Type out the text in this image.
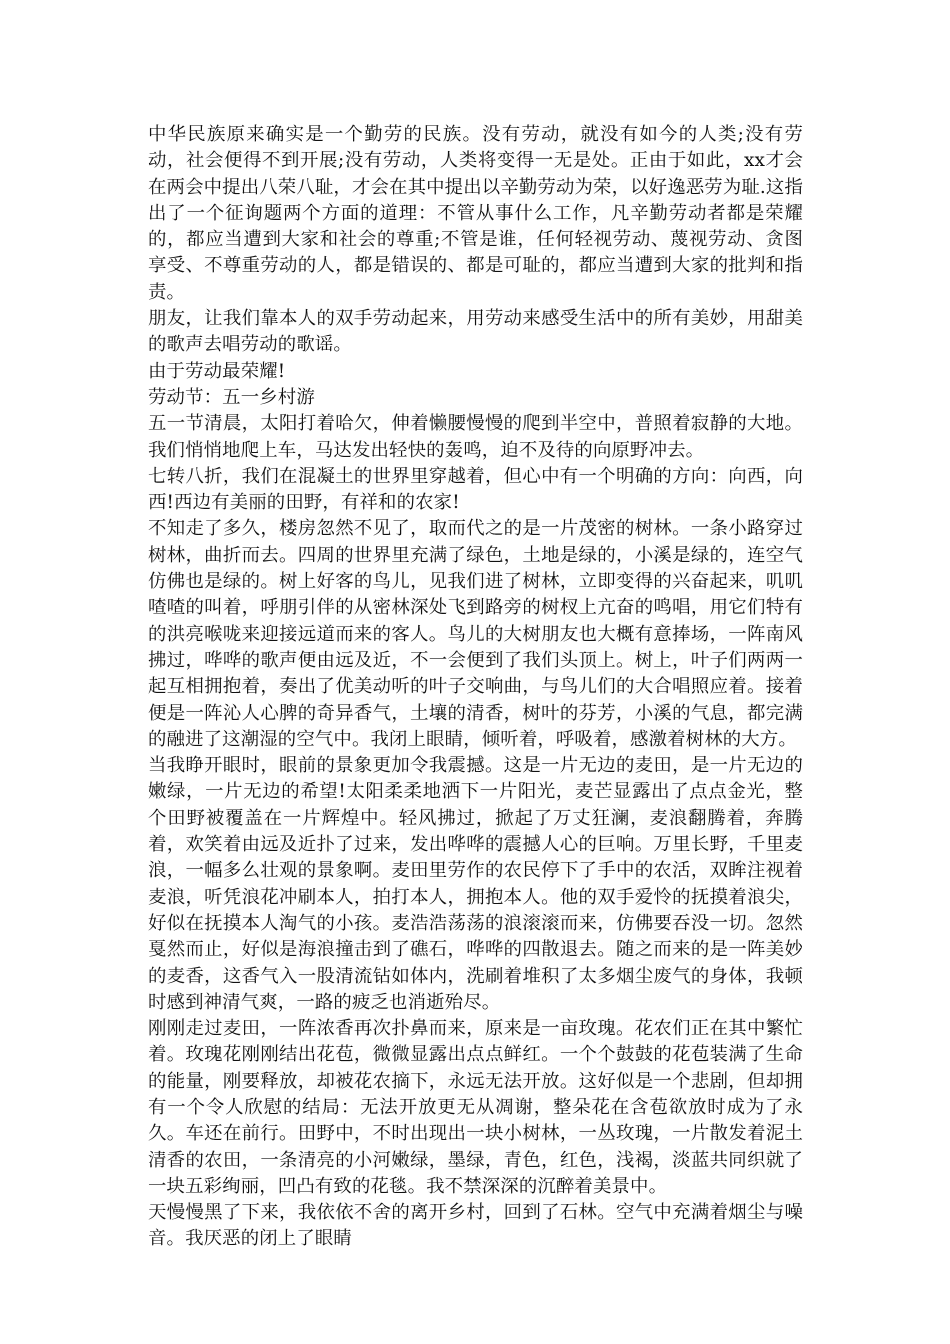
中华民族原来确实是一个勤劳的民族。没有劳动，就没有如今的人类;没有劳动，社会便得不到开展;没有劳动，人类将变得一无是处。正由于如此，xx才会在两会中提出八荣八耻，才会在其中提出以辛勤劳动为荣，以好逸恶劳为耻.这指出了一个征询题两个方面的道理：不管从事什么工作，凡辛勤劳动者都是荣耀的，都应当遭到大家和社会的尊重;不管是谁，任何轻视劳动、蔑视劳动、贪图享受、不尊重劳动的人，都是错误的、都是可耻的，都应当遭到大家的批判和指责。

朋友，让我们靠本人的双手劳动起来，用劳动来感受生活中的所有美妙，用甜美的歌声去唱劳动的歌谣。

由于劳动最荣耀!

劳动节：五一乡村游

五一节清晨，太阳打着哈欠，伸着懒腰慢慢的爬到半空中，普照着寂静的大地。我们悄悄地爬上车，马达发出轻快的轰鸣，迫不及待的向原野冲去。

七转八折，我们在混凝土的世界里穿越着，但心中有一个明确的方向：向西，向西!西边有美丽的田野，有祥和的农家!

不知走了多久，楼房忽然不见了，取而代之的是一片茂密的树林。一条小路穿过树林，曲折而去。四周的世界里充满了绿色，土地是绿的，小溪是绿的，连空气仿佛也是绿的。树上好客的鸟儿，见我们进了树林，立即变得的兴奋起来，叽叽喳喳的叫着，呼朋引伴的从密林深处飞到路旁的树杈上亢奋的鸣唱，用它们特有的洪亮喉咙来迎接远道而来的客人。鸟儿的大树朋友也大概有意捧场，一阵南风拂过，哗哗的歌声便由远及近，不一会便到了我们头顶上。树上，叶子们两两一起互相拥抱着，奏出了优美动听的叶子交响曲，与鸟儿们的大合唱照应着。接着便是一阵沁人心脾的奇异香气，土壤的清香，树叶的芬芳，小溪的气息，都完满的融进了这潮湿的空气中。我闭上眼睛，倾听着，呼吸着，感激着树林的大方。

当我睁开眼时，眼前的景象更加令我震撼。这是一片无边的麦田，是一片无边的嫩绿，一片无边的希望!太阳柔柔地洒下一片阳光，麦芒显露出了点点金光，整个田野被覆盖在一片辉煌中。轻风拂过，掀起了万丈狂澜，麦浪翻腾着，奔腾着，欢笑着由远及近扑了过来，发出哗哗的震撼人心的巨响。万里长野，千里麦浪，一幅多么壮观的景象啊。麦田里劳作的农民停下了手中的农活，双眸注视着麦浪，听凭浪花冲刷本人，拍打本人，拥抱本人。他的双手爱怜的抚摸着浪尖，好似在抚摸本人淘气的小孩。麦浩浩荡荡的浪滚滚而来，仿佛要吞没一切。忽然戛然而止，好似是海浪撞击到了礁石，哗哗的四散退去。随之而来的是一阵美妙的麦香，这香气入一股清流钻如体内，洗刷着堆积了太多烟尘废气的身体，我顿时感到神清气爽，一路的疲乏也消逝殆尽。

刚刚走过麦田，一阵浓香再次扑鼻而来，原来是一亩玫瑰。花农们正在其中繁忙着。玫瑰花刚刚结出花苞，微微显露出点点鲜红。一个个鼓鼓的花苞装满了生命的能量，刚要释放，却被花农摘下，永远无法开放。这好似是一个悲剧，但却拥有一个令人欣慰的结局：无法开放更无从凋谢，整朵花在含苞欲放时成为了永久。车还在前行。田野中，不时出现出一块小树林，一丛玫瑰，一片散发着泥土清香的农田，一条清亮的小河嫩绿，墨绿，青色，红色，浅褐，淡蓝共同织就了一块五彩绚丽，凹凸有致的花毯。我不禁深深的沉醉着美景中。

天慢慢黑了下来，我依依不舍的离开乡村，回到了石林。空气中充满着烟尘与噪音。我厌恶的闭上了眼睛
